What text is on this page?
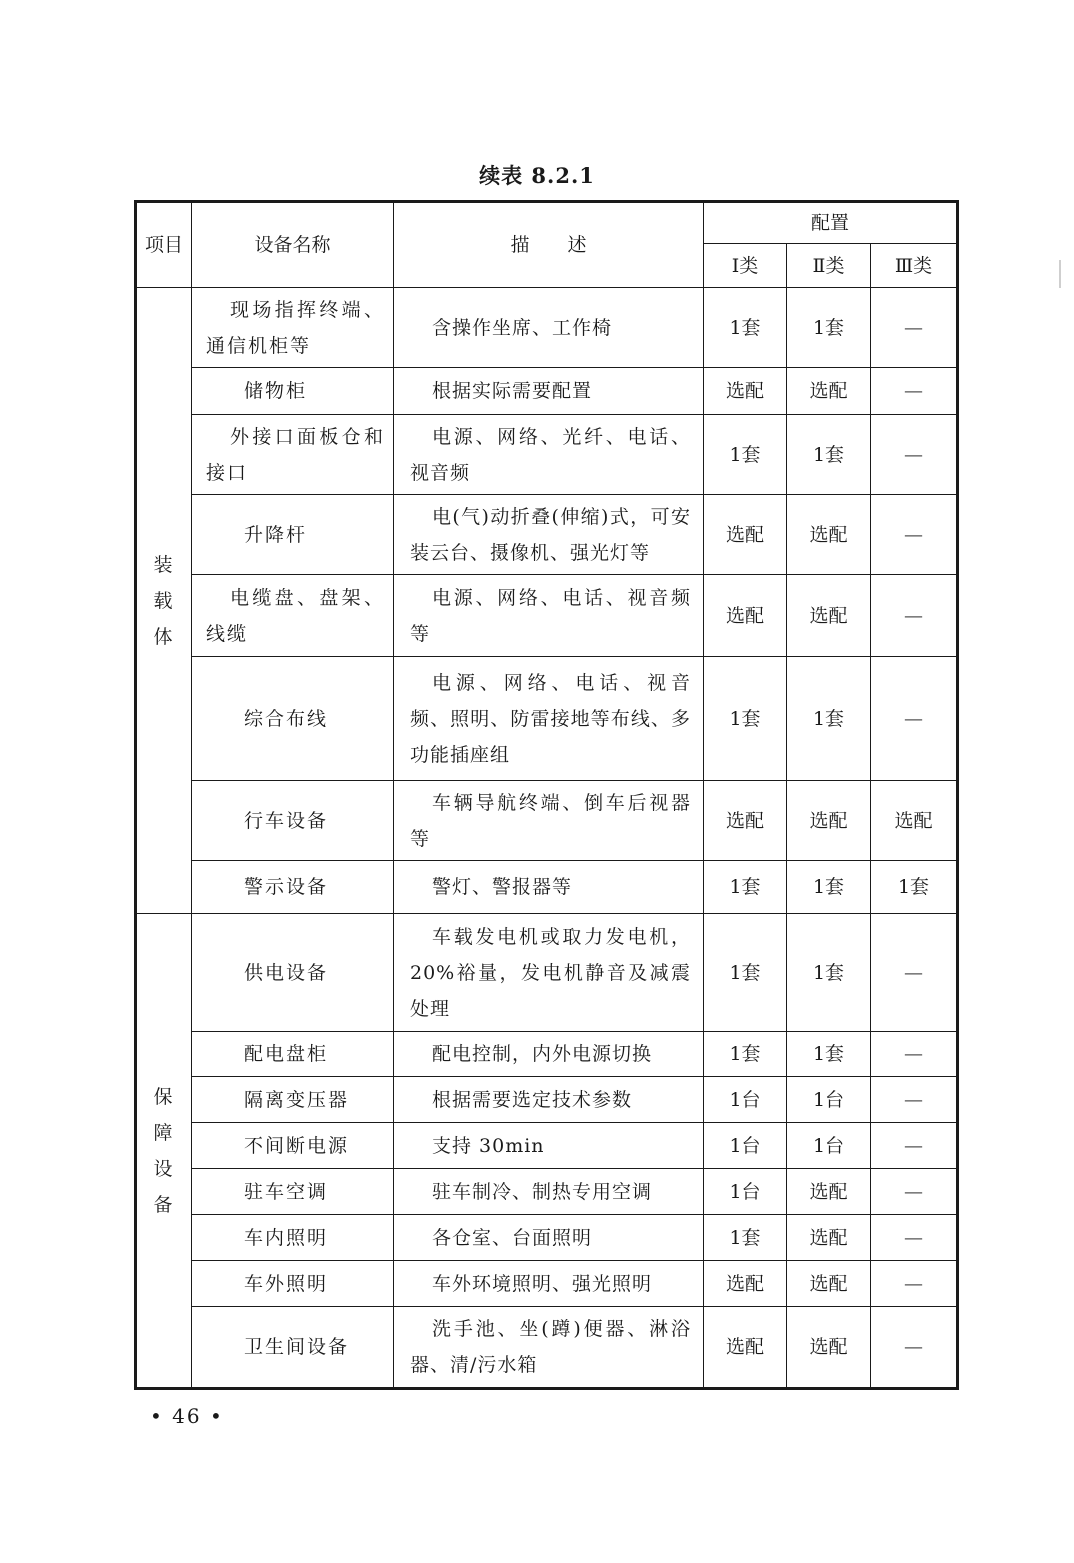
续表 8.2.1
项目	设备名称	描　　述	配置		
			Ⅰ类	Ⅱ类	Ⅲ类

装载体	现场指挥终端、通信机柜等	含操作坐席、工作椅	1套	1套	—
	储物柜	根据实际需要配置	选配	选配	—
	外接口面板仓和接口	电源、网络、光纤、电话、视音频	1套	1套	—
	升降杆	电(气)动折叠(伸缩)式，可安装云台、摄像机、强光灯等	选配	选配	—
	电缆盘、盘架、线缆	电源、网络、电话、视音频等	选配	选配	—
	综合布线	电源、网络、电话、视音频、照明、防雷接地等布线、多功能插座组	1套	1套	—
	行车设备	车辆导航终端、倒车后视器等	选配	选配	选配
	警示设备	警灯、警报器等	1套	1套	1套

保障设备	供电设备	车载发电机或取力发电机，20%裕量，发电机静音及减震处理	1套	1套	—
	配电盘柜	配电控制，内外电源切换	1套	1套	—
	隔离变压器	根据需要选定技术参数	1台	1台	—
	不间断电源	支持 30min	1台	1台	—
	驻车空调	驻车制冷、制热专用空调	1台	选配	—
	车内照明	各仓室、台面照明	1套	选配	—
	车外照明	车外环境照明、强光照明	选配	选配	—
	卫生间设备	洗手池、坐(蹲)便器、淋浴器、清/污水箱	选配	选配	—
• 46 •
